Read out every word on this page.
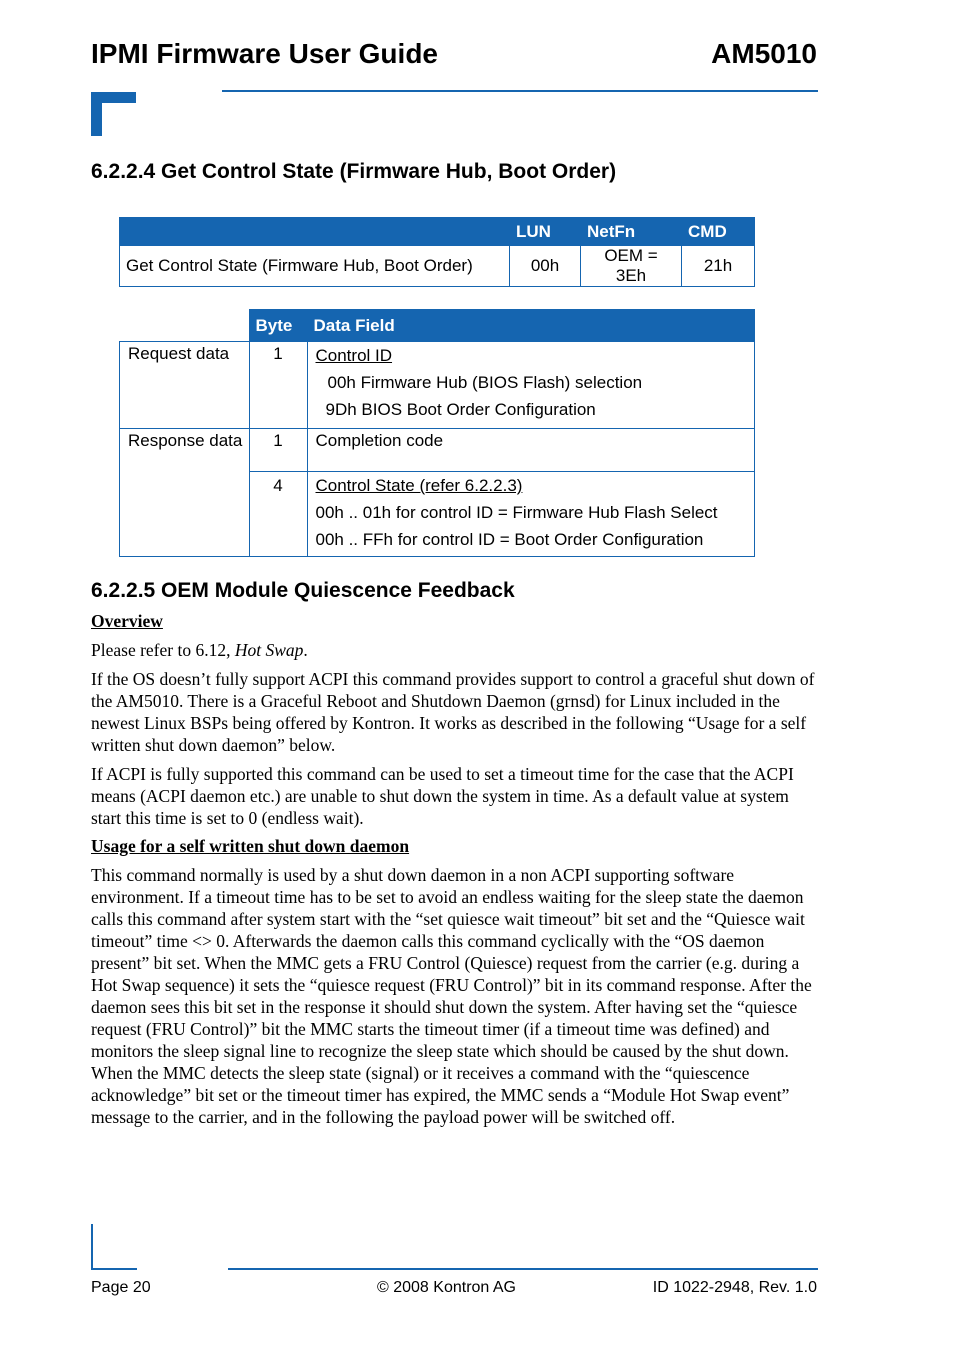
IPMI Firmware User Guide	AM5010
6.2.2.4 Get Control State (Firmware Hub, Boot Order)
	LUN	NetFn	CMD
Get Control State (Firmware Hub, Boot Order)	00h	OEM = 3Eh	21h
	Byte	Data Field
Request data	1	Control ID
00h Firmware Hub (BIOS Flash) selection
9Dh BIOS Boot Order Configuration

Response data	1	Completion code
	4	Control State (refer 6.2.2.3)
00h .. 01h for control ID = Firmware Hub Flash Select
00h .. FFh for control ID = Boot Order Configuration
6.2.2.5 OEM Module Quiescence Feedback
Overview
Please refer to 6.12, Hot Swap.
If the OS doesn’t fully support ACPI this command provides support to control a graceful shut down of the AM5010. There is a Graceful Reboot and Shutdown Daemon (grnsd) for Linux included in the newest Linux BSPs being offered by Kontron. It works as described in the following “Usage for a self written shut down daemon” below.
If ACPI is fully supported this command can be used to set a timeout time for the case that the ACPI means (ACPI daemon etc.) are unable to shut down the system in time. As a default value at system start this time is set to 0 (endless wait).
Usage for a self written shut down daemon
This command normally is used by a shut down daemon in a non ACPI supporting software environment. If a timeout time has to be set to avoid an endless waiting for the sleep state the daemon calls this command after system start with the “set quiesce wait timeout” bit set and the “Quiesce wait timeout” time <> 0. Afterwards the daemon calls this command cyclically with the “OS daemon present” bit set. When the MMC gets a FRU Control (Quiesce) request from the carrier (e.g. during a Hot Swap sequence) it sets the “quiesce request (FRU Control)” bit in its command response. After the daemon sees this bit set in the response it should shut down the system. After having set the “quiesce request (FRU Control)” bit the MMC starts the timeout timer (if a timeout time was defined) and monitors the sleep signal line to recognize the sleep state which should be caused by the shut down. When the MMC detects the sleep state (signal) or it receives a command with the “quiescence acknowledge” bit set or the timeout timer has expired, the MMC sends a “Module Hot Swap event” message to the carrier, and in the following the payload power will be switched off.
Page 20	© 2008 Kontron AG	ID 1022-2948, Rev. 1.0
